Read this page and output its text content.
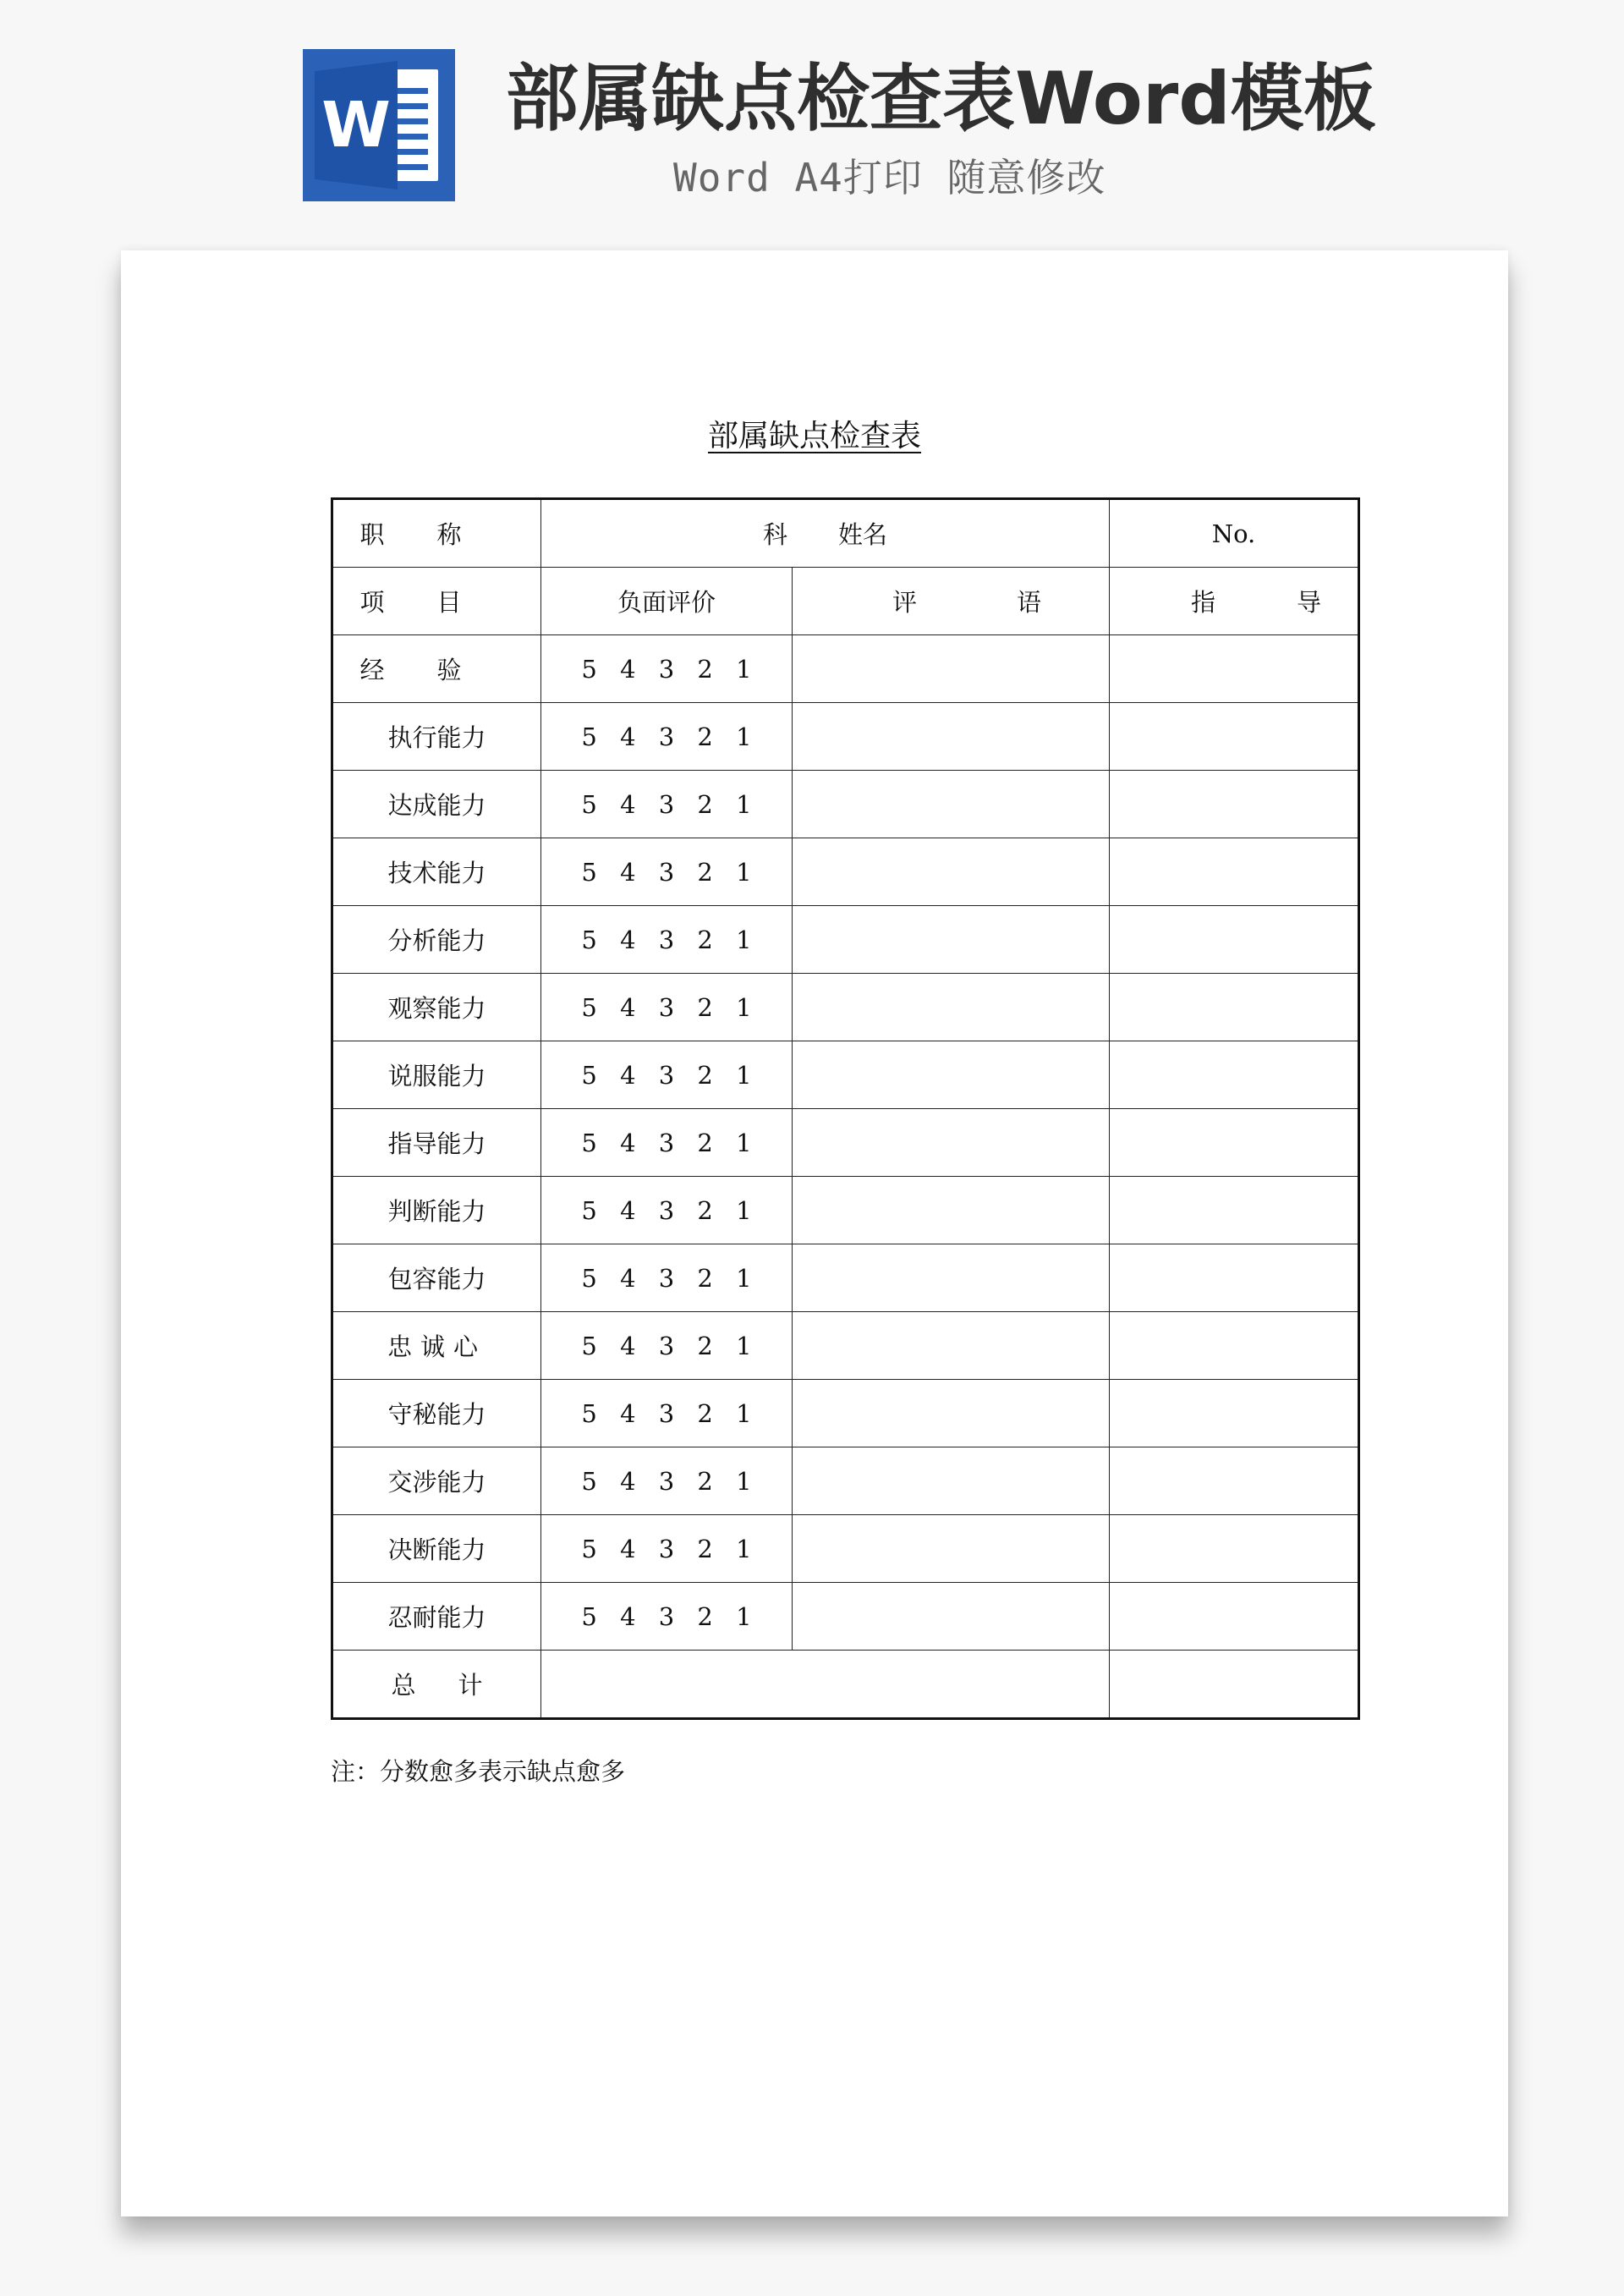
W 部属缺点检查表Word模板

Word A4打印 随意修改

部属缺点检查表
职称	科 姓名		No.
项目	负面评价	评语	指导
经验	5 4 3 2 1		
执行能力	5 4 3 2 1		
达成能力	5 4 3 2 1		
技术能力	5 4 3 2 1		
分析能力	5 4 3 2 1		
观察能力	5 4 3 2 1		
说服能力	5 4 3 2 1		
指导能力	5 4 3 2 1		
判断能力	5 4 3 2 1		
包容能力	5 4 3 2 1		
忠诚心	5 4 3 2 1		
守秘能力	5 4 3 2 1		
交涉能力	5 4 3 2 1		
决断能力	5 4 3 2 1		
忍耐能力	5 4 3 2 1		
总计			

注：分数愈多表示缺点愈多
